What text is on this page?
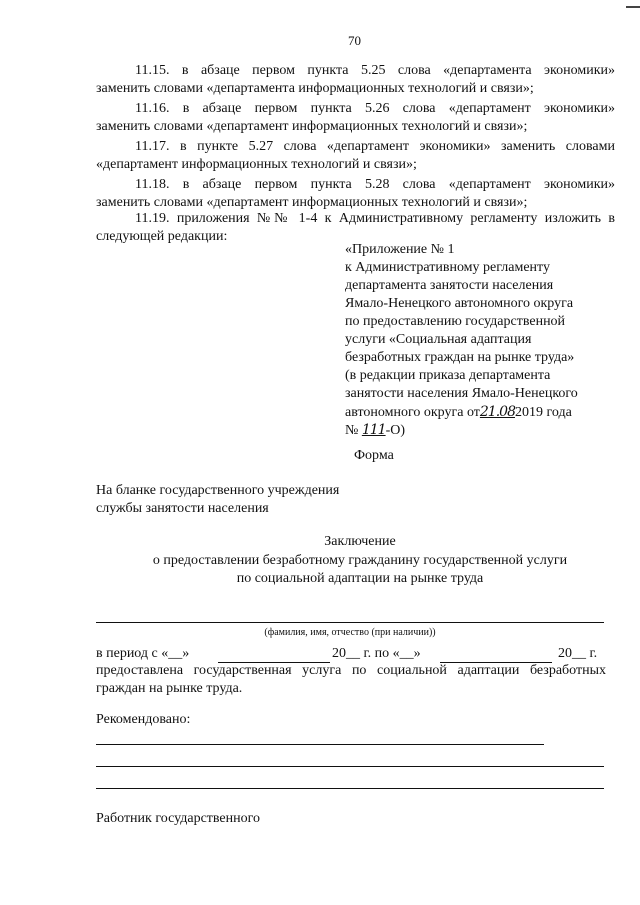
70
11.15. в абзаце первом пункта 5.25 слова «департамента экономики»
заменить словами «департамента информационных технологий и связи»;
11.16. в абзаце первом пункта 5.26 слова «департамент экономики»
заменить словами «департамент информационных технологий и связи»;
11.17. в пункте 5.27 слова «департамент экономики» заменить словами
«департамент информационных технологий и связи»;
11.18. в абзаце первом пункта 5.28 слова «департамент экономики»
заменить словами «департамент информационных технологий и связи»;
11.19. приложения №№ 1-4 к Административному регламенту изложить в
следующей редакции:
«Приложение № 1
к Административному регламенту
департамента занятости населения
Ямало-Ненецкого автономного округа
по предоставлению государственной
услуги «Социальная адаптация
безработных граждан на рынке труда»
(в редакции приказа департамента
занятости населения Ямало-Ненецкого
автономного округа от21.082019 года
№ 111-О)
Форма
На бланке государственного учреждения
службы занятости населения
Заключение
о предоставлении безработному гражданину государственной услуги
по социальной адаптации на рынке труда
(фамилия, имя, отчество (при наличии))
в период с «__»	20__ г. по «__»	20__ г.
предоставлена государственная услуга по социальной адаптации безработных
граждан на рынке труда.
Рекомендовано:
Работник государственного
